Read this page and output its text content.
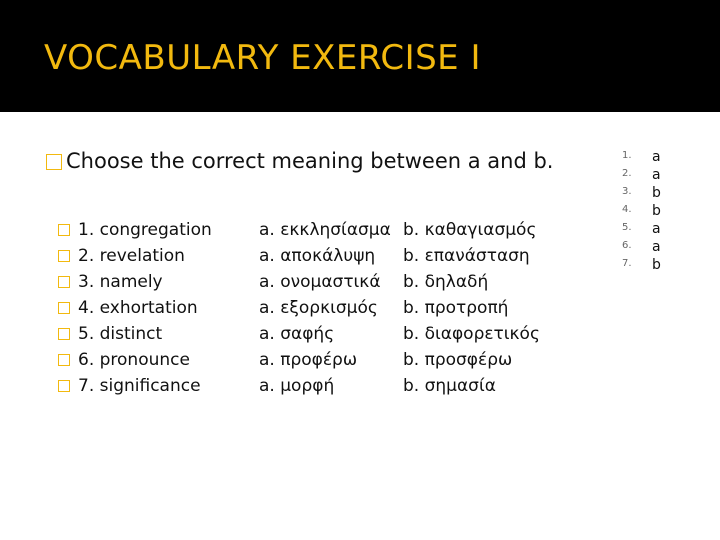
VOCABULARY EXERCISE I
Choose the correct meaning between a and b.
1. congregation	a. εκκλησίασμα b. καθαγιασμός
2. revelation	a. αποκάλυψη b. επανάσταση
3. namely	a. ονομαστικά b. δηλαδή
4. exhortation	a. εξορκισμός b. προτροπή
5. distinct	a. σαφής	b. διαφορετικός
6. pronounce	a. προφέρω	b. προσφέρω
7. significance	a. μορφή	b. σημασία
1. a
2. a
3. b
4. b
5. a
6. a
7. b
